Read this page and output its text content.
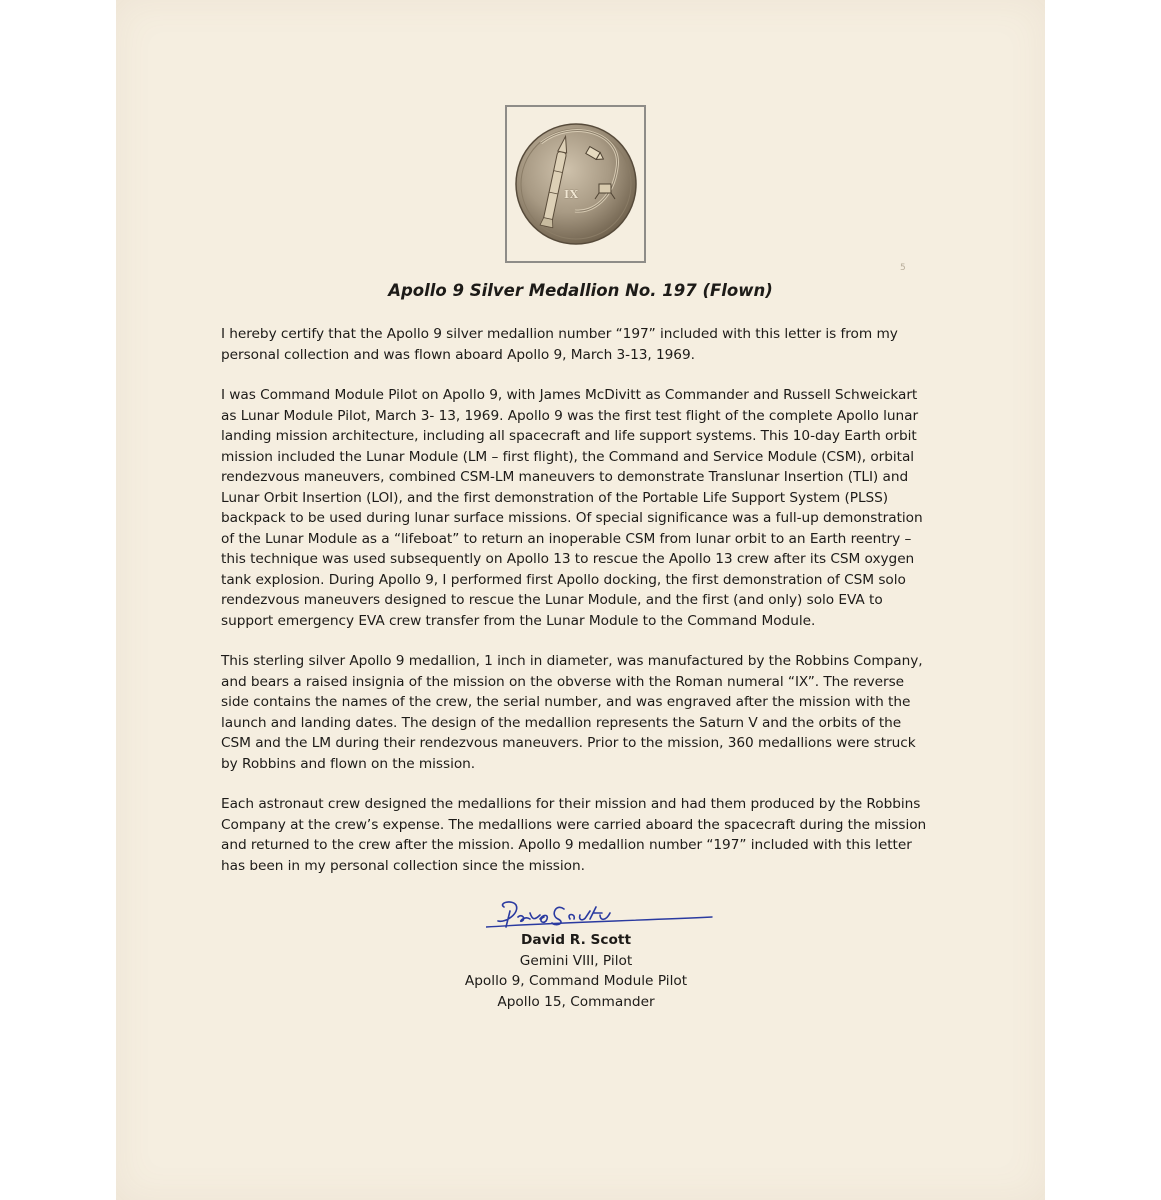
IX
5
Apollo 9 Silver Medallion No. 197 (Flown)

I hereby certify that the Apollo 9 silver medallion number “197” included with this letter is from my personal collection and was flown aboard Apollo 9, March 3-13, 1969.

I was Command Module Pilot on Apollo 9, with James McDivitt as Commander and Russell Schweickart as Lunar Module Pilot, March 3- 13, 1969. Apollo 9 was the first test flight of the complete Apollo lunar landing mission architecture, including all spacecraft and life support systems. This 10-day Earth orbit mission included the Lunar Module (LM – first flight), the Command and Service Module (CSM), orbital rendezvous maneuvers, combined CSM-LM maneuvers to demonstrate Translunar Insertion (TLI) and Lunar Orbit Insertion (LOI), and the first demonstration of the Portable Life Support System (PLSS) backpack to be used during lunar surface missions. Of special significance was a full-up demonstration of the Lunar Module as a “lifeboat” to return an inoperable CSM from lunar orbit to an Earth reentry – this technique was used subsequently on Apollo 13 to rescue the Apollo 13 crew after its CSM oxygen tank explosion. During Apollo 9, I performed first Apollo docking, the first demonstration of CSM solo rendezvous maneuvers designed to rescue the Lunar Module, and the first (and only) solo EVA to support emergency EVA crew transfer from the Lunar Module to the Command Module.

This sterling silver Apollo 9 medallion, 1 inch in diameter, was manufactured by the Robbins Company, and bears a raised insignia of the mission on the obverse with the Roman numeral “IX”. The reverse side contains the names of the crew, the serial number, and was engraved after the mission with the launch and landing dates. The design of the medallion represents the Saturn V and the orbits of the CSM and the LM during their rendezvous maneuvers. Prior to the mission, 360 medallions were struck by Robbins and flown on the mission.

Each astronaut crew designed the medallions for their mission and had them produced by the Robbins Company at the crew’s expense. The medallions were carried aboard the spacecraft during the mission and returned to the crew after the mission. Apollo 9 medallion number “197” included with this letter has been in my personal collection since the mission.

David R. Scott
Gemini VIII, Pilot
Apollo 9, Command Module Pilot
Apollo 15, Commander
